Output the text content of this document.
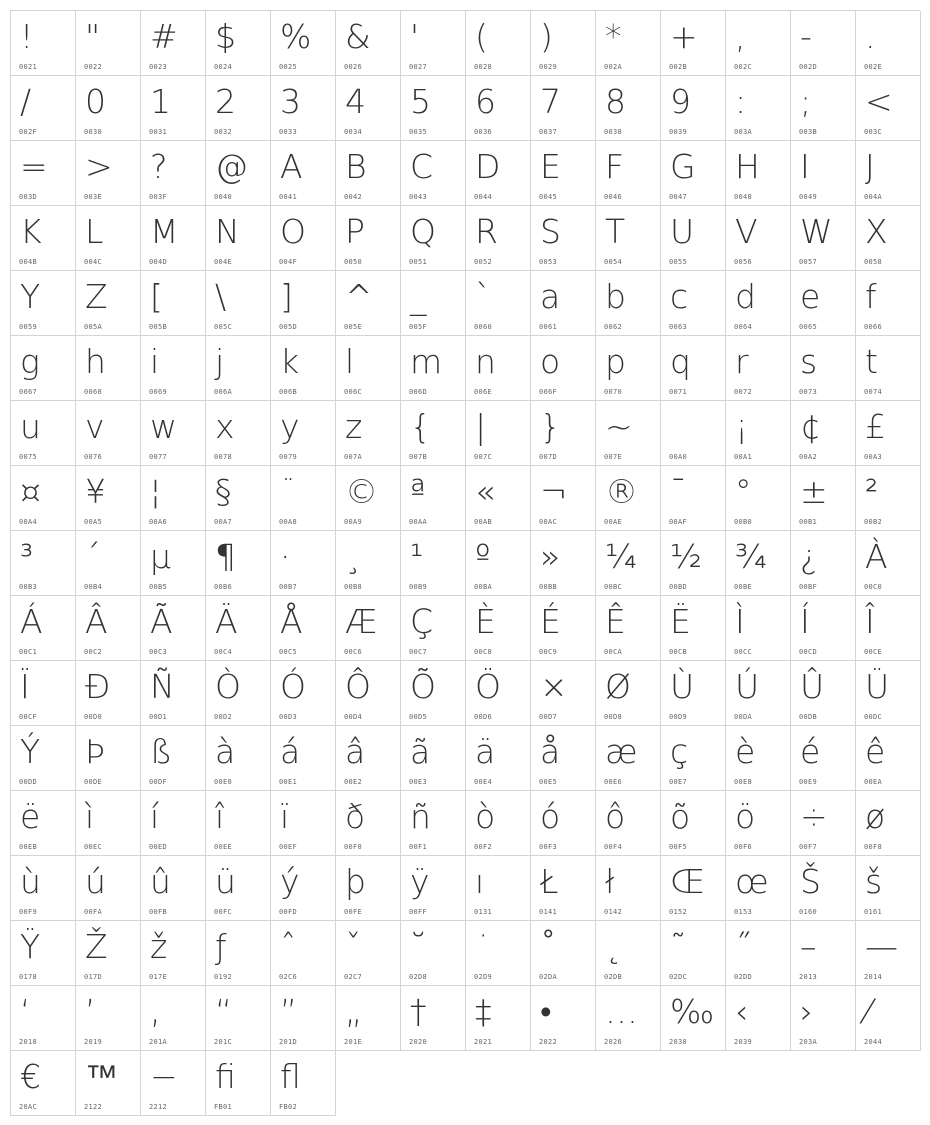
!
0021
"
0022
#
0023
$
0024
%
0025
&
0026
'
0027
(
0028
)
0029
*
002A
+
002B
,
002C
-
002D
.
002E
/
002F
0
0030
1
0031
2
0032
3
0033
4
0034
5
0035
6
0036
7
0037
8
0038
9
0039
:
003A
;
003B
<
003C
=
003D
>
003E
?
003F
@
0040
A
0041
B
0042
C
0043
D
0044
E
0045
F
0046
G
0047
H
0048
I
0049
J
004A
K
004B
L
004C
M
004D
N
004E
O
004F
P
0050
Q
0051
R
0052
S
0053
T
0054
U
0055
V
0056
W
0057
X
0058
Y
0059
Z
005A
[
005B
\
005C
]
005D
^
005E
_
005F
`
0060
a
0061
b
0062
c
0063
d
0064
e
0065
f
0066
g
0067
h
0068
i
0069
j
006A
k
006B
l
006C
m
006D
n
006E
o
006F
p
0070
q
0071
r
0072
s
0073
t
0074
u
0075
v
0076
w
0077
x
0078
y
0079
z
007A
{
007B
|
007C
}
007D
~
007E
	00A0
¡
00A1
¢
00A2
£
00A3
¤
00A4
¥
00A5
¦
00A6
§
00A7
¨
00A8
©
00A9
ª
00AA
«
00AB
¬
00AC
®
00AE
¯
00AF
°
00B0
±
00B1
²
00B2
³
00B3
´
00B4
µ
00B5
¶
00B6
·
00B7
¸
00B8
¹
00B9
º
00BA
»
00BB
¼
00BC
½
00BD
¾
00BE
¿
00BF
À
00C0
Á
00C1
Â
00C2
Ã
00C3
Ä
00C4
Å
00C5
Æ
00C6
Ç
00C7
È
00C8
É
00C9
Ê
00CA
Ë
00CB
Ì
00CC
Í
00CD
Î
00CE
Ï
00CF
Ð
00D0
Ñ
00D1
Ò
00D2
Ó
00D3
Ô
00D4
Õ
00D5
Ö
00D6
×
00D7
Ø
00D8
Ù
00D9
Ú
00DA
Û
00DB
Ü
00DC
Ý
00DD
Þ
00DE
ß
00DF
à
00E0
á
00E1
â
00E2
ã
00E3
ä
00E4
å
00E5
æ
00E6
ç
00E7
è
00E8
é
00E9
ê
00EA
ë
00EB
ì
00EC
í
00ED
î
00EE
ï
00EF
ð
00F0
ñ
00F1
ò
00F2
ó
00F3
ô
00F4
õ
00F5
ö
00F6
÷
00F7
ø
00F8
ù
00F9
ú
00FA
û
00FB
ü
00FC
ý
00FD
þ
00FE
ÿ
00FF
ı
0131
Ł
0141
ł
0142
Œ
0152
œ
0153
Š
0160
š
0161
Ÿ
0178
Ž
017D
ž
017E
ƒ
0192
ˆ
02C6
ˇ
02C7
˘
02D8
˙
02D9
˚
02DA
˛
02DB
˜
02DC
˝
02DD
–
2013
—
2014
‘
2018
’
2019
‚
201A
“
201C
”
201D
„
201E
†
2020
‡
2021
•
2022
…
2026
‰
2030
‹
2039
›
203A
⁄
2044
€
20AC
™
2122
−
2212
ﬁ
FB01
ﬂ
FB02
